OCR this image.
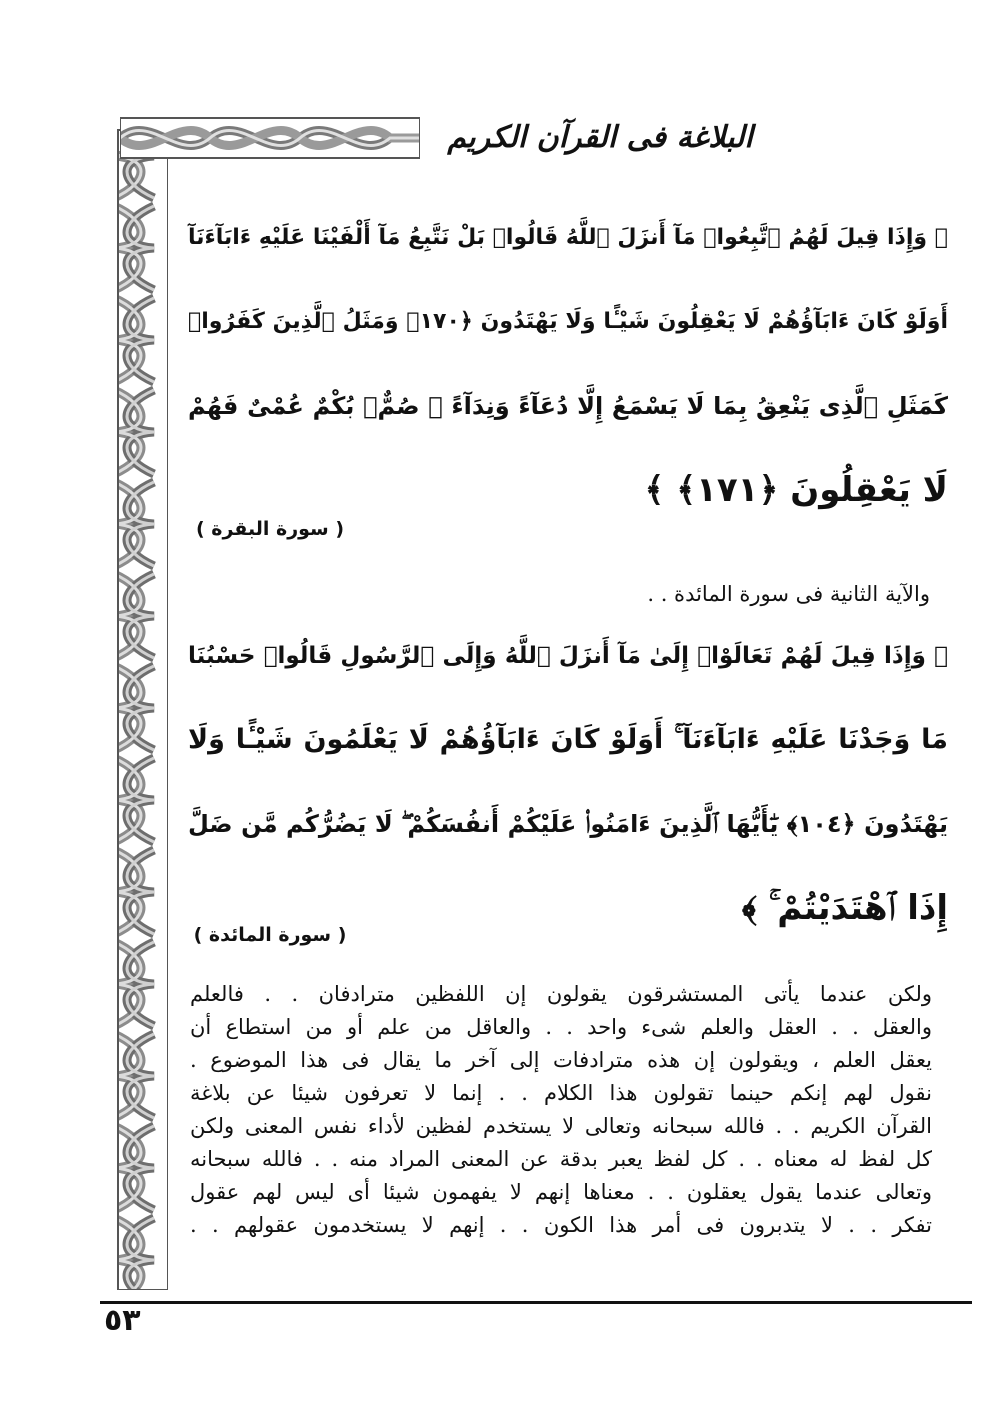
البلاغة فى القرآن الكريم
﴿ وَإِذَا قِيلَ لَهُمُ ٱتَّبِعُوا۟ مَآ أَنزَلَ ٱللَّهُ قَالُوا۟ بَلْ نَتَّبِعُ مَآ أَلْفَيْنَا عَلَيْهِ ءَابَآءَنَآ
أَوَلَوْ كَانَ ءَابَآؤُهُمْ لَا يَعْقِلُونَ شَيْـًٔا وَلَا يَهْتَدُونَ ﴿١٧٠﴾ وَمَثَلُ ٱلَّذِينَ كَفَرُوا۟
كَمَثَلِ ٱلَّذِى يَنْعِقُ بِمَا لَا يَسْمَعُ إِلَّا دُعَآءً وَنِدَآءً ۚ صُمٌّۢ بُكْمٌ عُمْىٌ فَهُمْ
لَا يَعْقِلُونَ ﴿١٧١﴾ ﴾
( سورة البقرة )
والآية الثانية فى سورة المائدة . .
﴿ وَإِذَا قِيلَ لَهُمْ تَعَالَوْا۟ إِلَىٰ مَآ أَنزَلَ ٱللَّهُ وَإِلَى ٱلرَّسُولِ قَالُوا۟ حَسْبُنَا
مَا وَجَدْنَا عَلَيْهِ ءَابَآءَنَآ ۚ أَوَلَوْ كَانَ ءَابَآؤُهُمْ لَا يَعْلَمُونَ شَيْـًٔا وَلَا
يَهْتَدُونَ ﴿١٠٤﴾ يَٰٓأَيُّهَا ٱلَّذِينَ ءَامَنُوا۟ عَلَيْكُمْ أَنفُسَكُمْ ۖ لَا يَضُرُّكُم مَّن ضَلَّ
إِذَا ٱهْتَدَيْتُمْ ۚ ﴾
( سورة المائدة )
ولكن عندما يأتى المستشرقون يقولون إن اللفظين مترادفان . . فالعلم
والعقل . . العقل والعلم شىء واحد . . والعاقل من علم أو من استطاع أن
يعقل العلم ، ويقولون إن هذه مترادفات إلى آخر ما يقال فى هذا الموضوع .
نقول لهم إنكم حينما تقولون هذا الكلام . . إنما لا تعرفون شيئا عن بلاغة
القرآن الكريم . . فالله سبحانه وتعالى لا يستخدم لفظين لأداء نفس المعنى ولكن
كل لفظ له معناه . . كل لفظ يعبر بدقة عن المعنى المراد منه . . فالله سبحانه
وتعالى عندما يقول يعقلون . . معناها إنهم لا يفهمون شيئا أى ليس لهم عقول
تفكر . . لا يتدبرون فى أمر هذا الكون . . إنهم لا يستخدمون عقولهم . .
٥٣
